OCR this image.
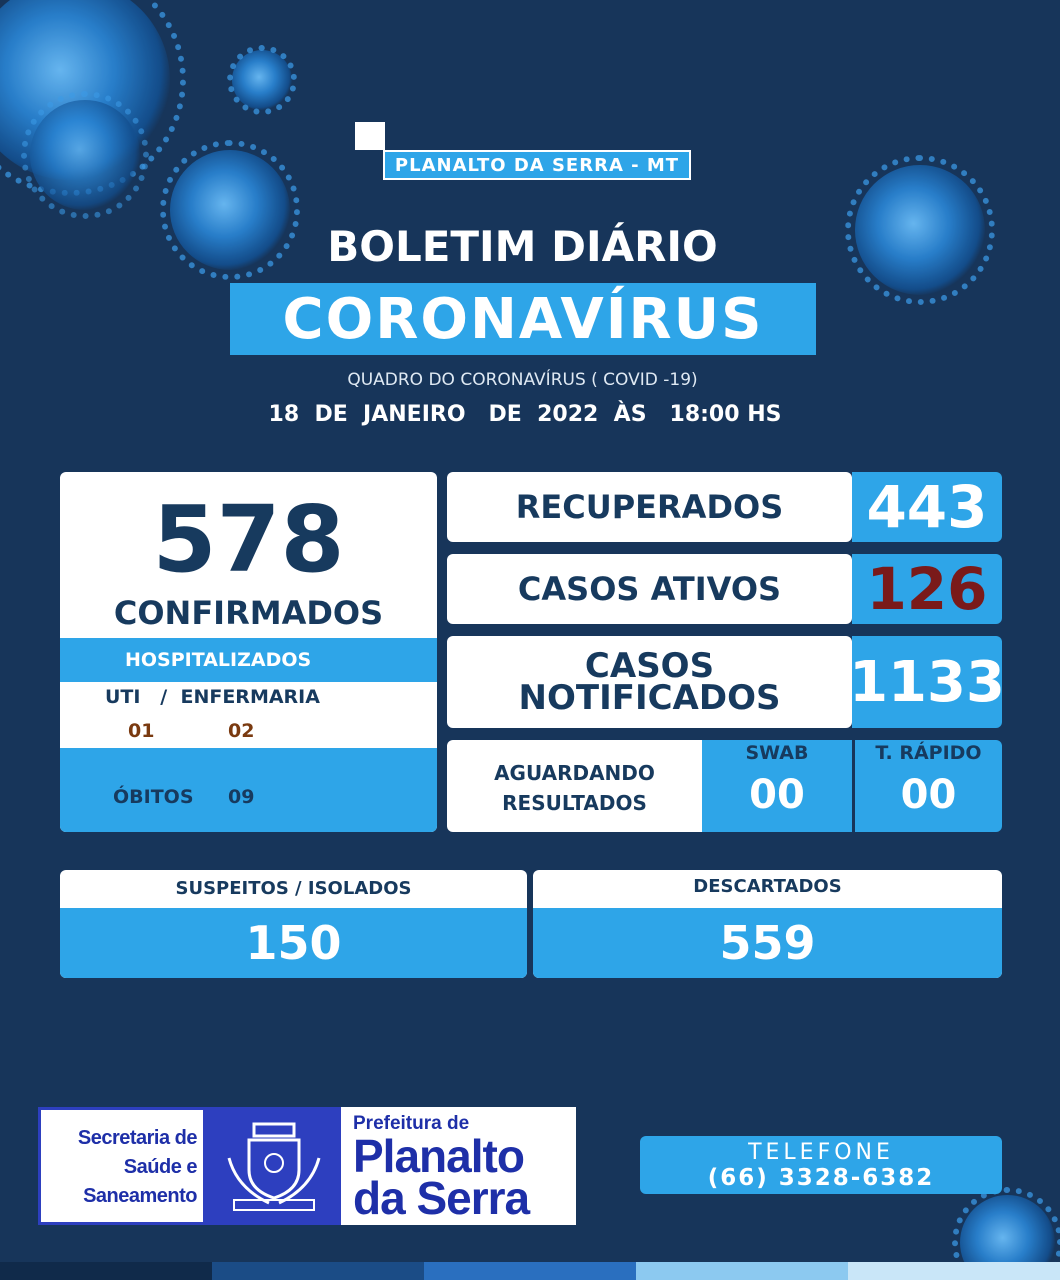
PLANALTO DA SERRA - MT
BOLETIM DIÁRIO
CORONAVÍRUS
QUADRO DO CORONAVÍRUS ( COVID -19)
18  DE  JANEIRO   DE  2022  ÀS   18:00 HS
578
CONFIRMADOS
HOSPITALIZADOS
UTI   /  ENFERMARIA
01	02
ÓBITOS 09
RECUPERADOS 443
CASOS ATIVOS 126
CASOS
NOTIFICADOS	1133
AGUARDANDO
RESULTADOS
SWAB
00
T. RÁPIDO
00
SUSPEITOS / ISOLADOS
150
DESCARTADOS
559
Secretaria de
Saúde e
Saneamento
Prefeitura de
Planalto
da Serra
TELEFONE
(66) 3328-6382
